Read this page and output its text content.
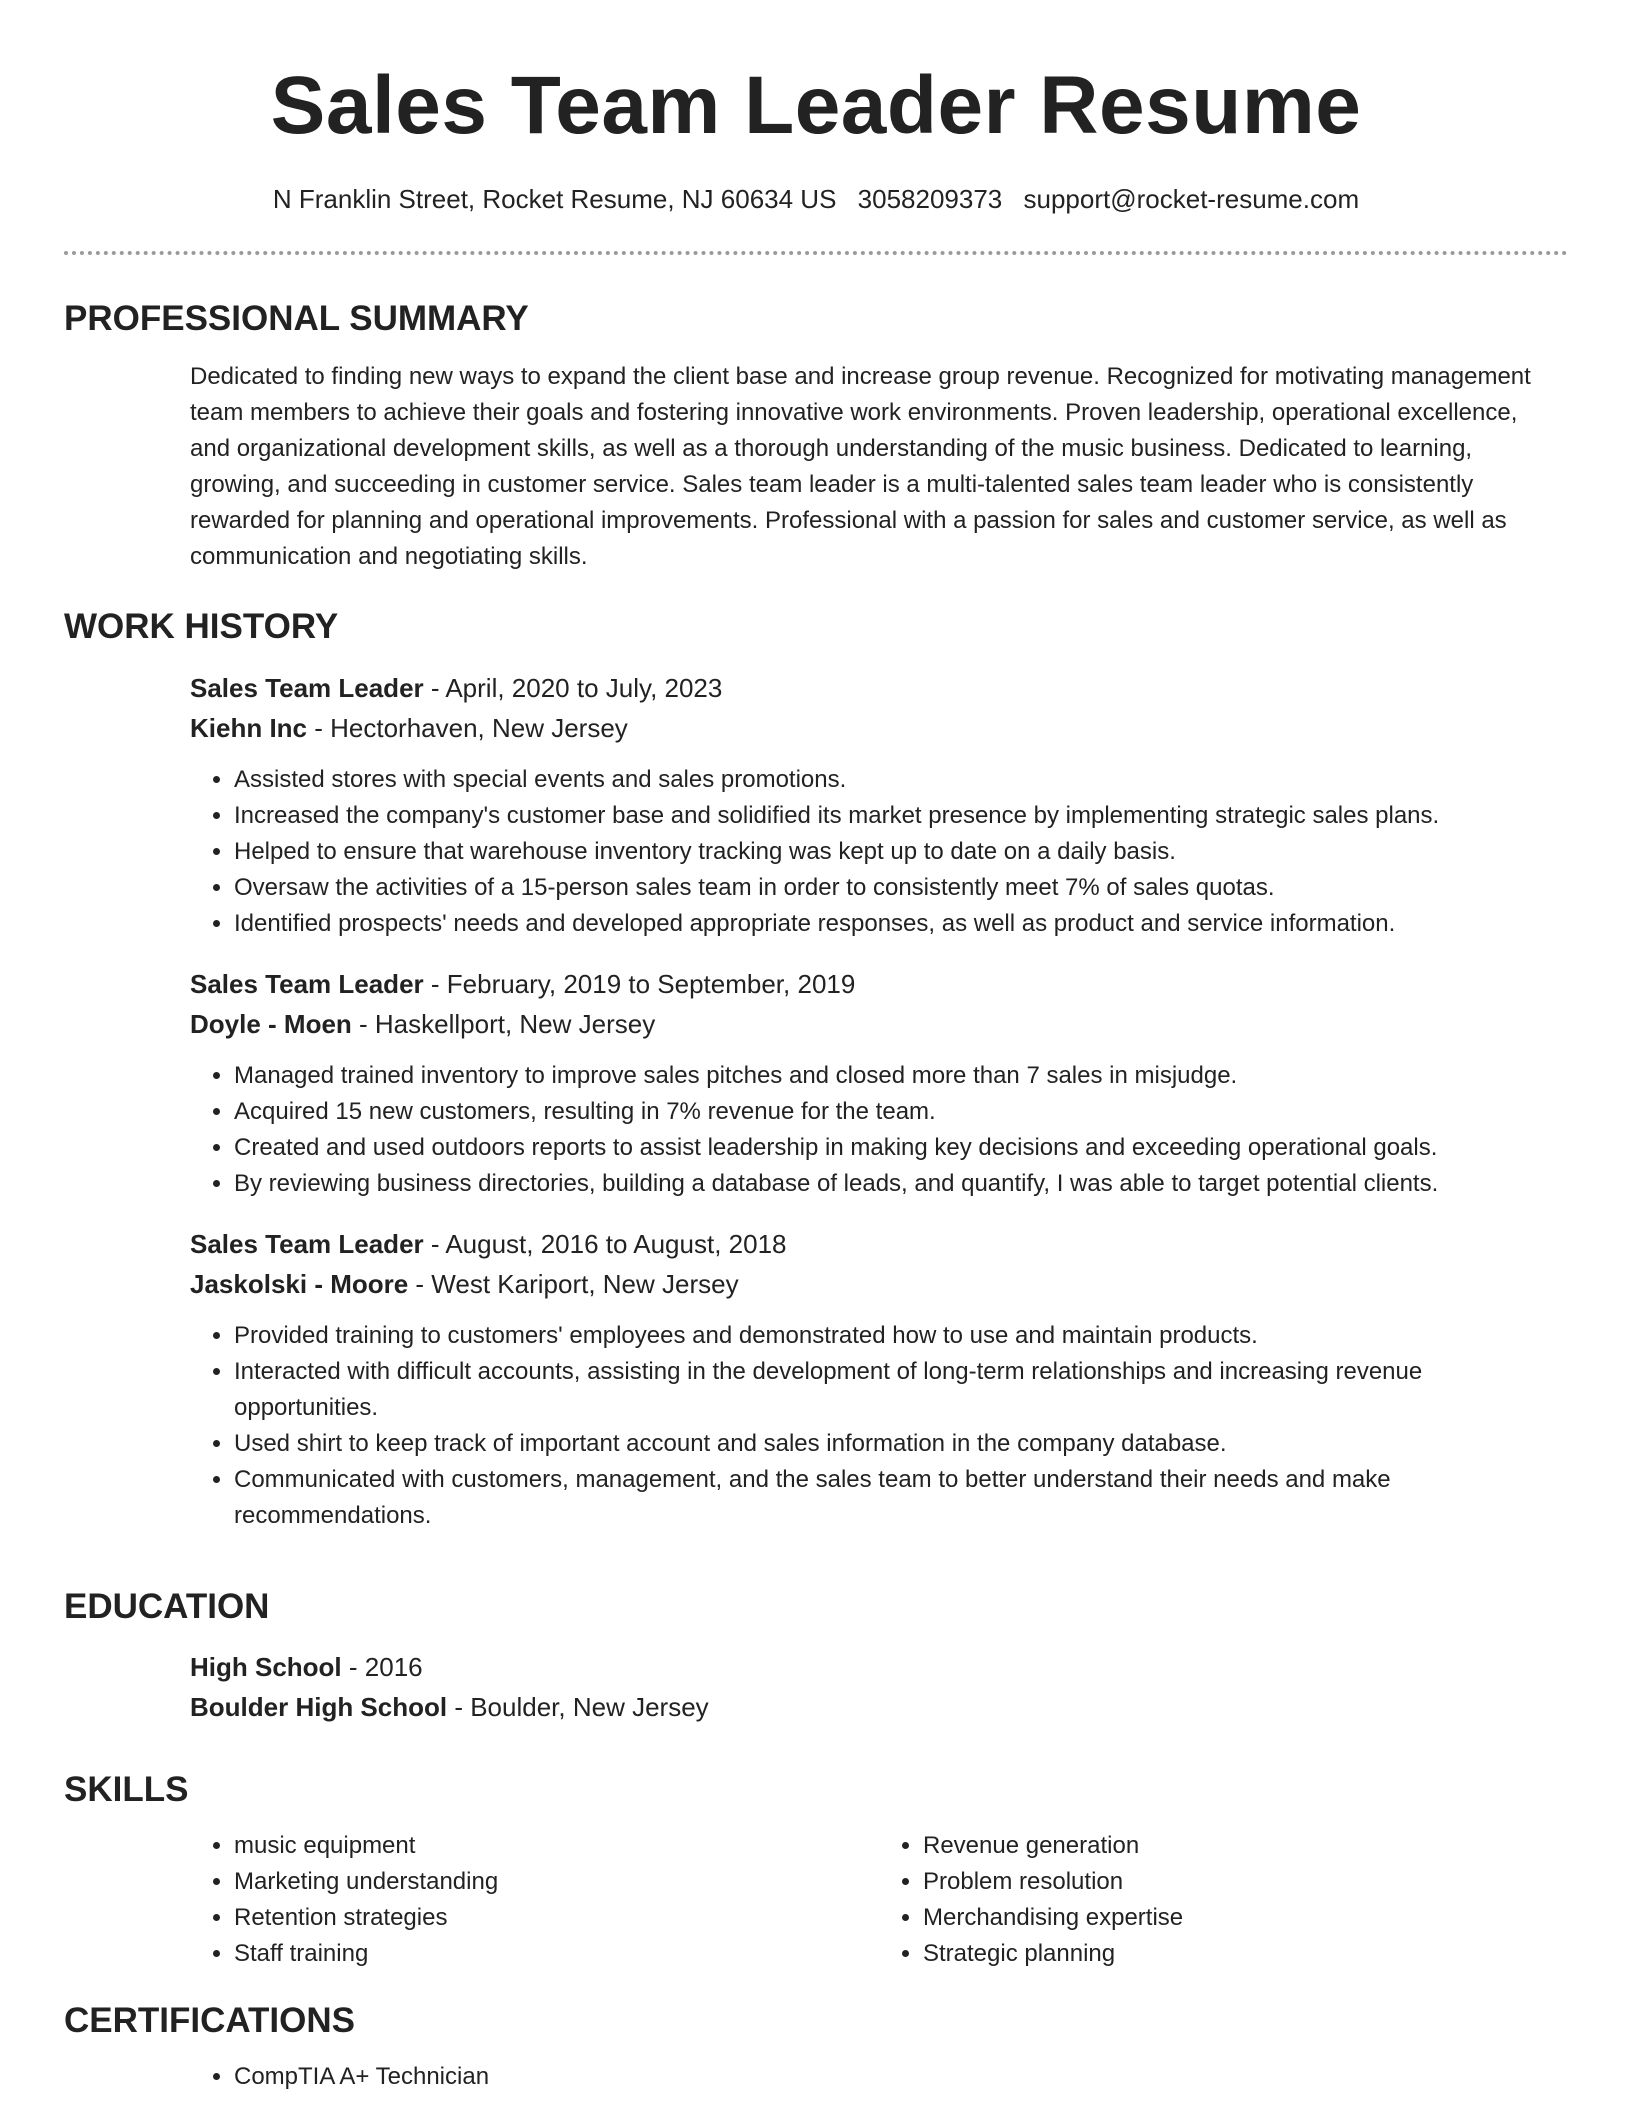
Sales Team Leader Resume

N Franklin Street, Rocket Resume, NJ 60634 US 3058209373 support@rocket-resume.com

PROFESSIONAL SUMMARY

Dedicated to finding new ways to expand the client base and increase group revenue. Recognized for motivating management team members to achieve their goals and fostering innovative work environments. Proven leadership, operational excellence, and organizational development skills, as well as a thorough understanding of the music business. Dedicated to learning, growing, and succeeding in customer service. Sales team leader is a multi-talented sales team leader who is consistently rewarded for planning and operational improvements. Professional with a passion for sales and customer service, as well as communication and negotiating skills.

WORK HISTORY

Sales Team Leader - April, 2020 to July, 2023

Kiehn Inc - Hectorhaven, New Jersey

• Assisted stores with special events and sales promotions.
• Increased the company's customer base and solidified its market presence by implementing strategic sales plans.
• Helped to ensure that warehouse inventory tracking was kept up to date on a daily basis.
• Oversaw the activities of a 15-person sales team in order to consistently meet 7% of sales quotas.
• Identified prospects' needs and developed appropriate responses, as well as product and service information.

Sales Team Leader - February, 2019 to September, 2019

Doyle - Moen - Haskellport, New Jersey

• Managed trained inventory to improve sales pitches and closed more than 7 sales in misjudge.
• Acquired 15 new customers, resulting in 7% revenue for the team.
• Created and used outdoors reports to assist leadership in making key decisions and exceeding operational goals.
• By reviewing business directories, building a database of leads, and quantify, I was able to target potential clients.

Sales Team Leader - August, 2016 to August, 2018

Jaskolski - Moore - West Kariport, New Jersey

• Provided training to customers' employees and demonstrated how to use and maintain products.
• Interacted with difficult accounts, assisting in the development of long-term relationships and increasing revenue opportunities.
• Used shirt to keep track of important account and sales information in the company database.
• Communicated with customers, management, and the sales team to better understand their needs and make recommendations.
EDUCATION

High School - 2016

Boulder High School - Boulder, New Jersey

SKILLS
• music equipment
• Marketing understanding
• Retention strategies
• Staff training
• Revenue generation
• Problem resolution
• Merchandising expertise
• Strategic planning
CERTIFICATIONS
• CompTIA A+ Technician
